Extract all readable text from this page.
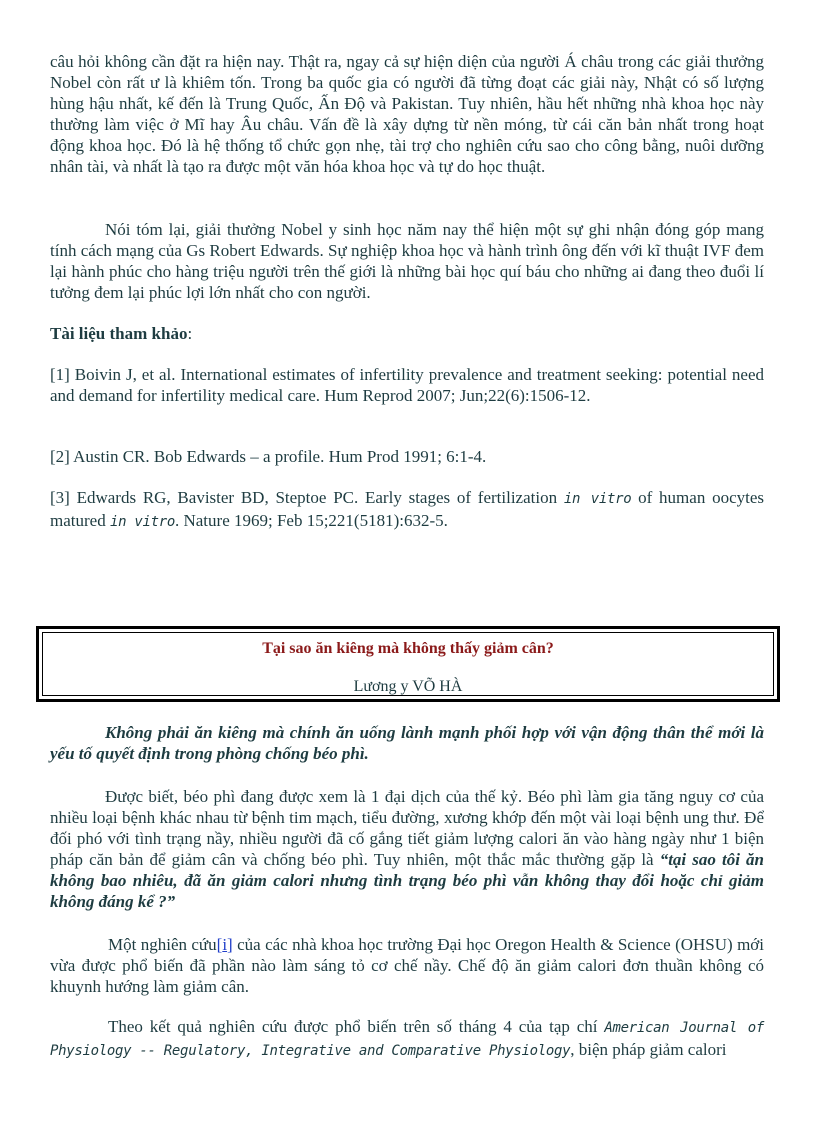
câu hỏi không cần đặt ra hiện nay. Thật ra, ngay cả sự hiện diện của người Á châu trong các giải thưởng Nobel còn rất ư là khiêm tốn. Trong ba quốc gia có người đã từng đoạt các giải này, Nhật có số lượng hùng hậu nhất, kế đến là Trung Quốc, Ấn Độ và Pakistan. Tuy nhiên, hầu hết những nhà khoa học này thường làm việc ở Mĩ hay Âu châu. Vấn đề là xây dựng từ nền móng, từ cái căn bản nhất trong hoạt động khoa học. Đó là hệ thống tổ chức gọn nhẹ, tài trợ cho nghiên cứu sao cho công bằng, nuôi dưỡng nhân tài, và nhất là tạo ra được một văn hóa khoa học và tự do học thuật.

Nói tóm lại, giải thưởng Nobel y sinh học năm nay thể hiện một sự ghi nhận đóng góp mang tính cách mạng của Gs Robert Edwards. Sự nghiệp khoa học và hành trình ông đến với kĩ thuật IVF đem lại hành phúc cho hàng triệu người trên thế giới là những bài học quí báu cho những ai đang theo đuổi lí tưởng đem lại phúc lợi lớn nhất cho con người.

Tài liệu tham khảo:

[1] Boivin J, et al. International estimates of infertility prevalence and treatment seeking: potential need and demand for infertility medical care. Hum Reprod 2007; Jun;22(6):1506-12.

[2] Austin CR. Bob Edwards – a profile. Hum Prod 1991; 6:1-4.

[3] Edwards RG, Bavister BD, Steptoe PC. Early stages of fertilization in vitro of human oocytes matured in vitro. Nature 1969; Feb 15;221(5181):632-5.

Tại sao ăn kiêng mà không thấy giảm cân?
Lương y VÕ HÀ

Không phải ăn kiêng mà chính ăn uống lành mạnh phối hợp với vận động thân thể mới là yếu tố quyết định trong phòng chống béo phì.

Được biết, béo phì đang được xem là 1 đại dịch của thế kỷ. Béo phì làm gia tăng nguy cơ của nhiều loại bệnh khác nhau từ bệnh tim mạch, tiểu đường, xương khớp đến một vài loại bệnh ung thư. Để đối phó với tình trạng nầy, nhiều người đã cố gắng tiết giảm lượng calori ăn vào hàng ngày như 1 biện pháp căn bản để giảm cân và chống béo phì. Tuy nhiên, một thắc mắc thường gặp là “tại sao tôi ăn không bao nhiêu, đã ăn giảm calori nhưng tình trạng béo phì vẫn không thay đổi hoặc chỉ giảm không đáng kể ?”

Một nghiên cứu[i] của các nhà khoa học trường Đại học Oregon Health & Science (OHSU) mới vừa được phổ biến đã phần nào làm sáng tỏ cơ chế nầy. Chế độ ăn giảm calori đơn thuần không có khuynh hướng làm giảm cân.

Theo kết quả nghiên cứu được phổ biến trên số tháng 4 của tạp chí American Journal of Physiology -- Regulatory, Integrative and Comparative Physiology, biện pháp giảm calori
